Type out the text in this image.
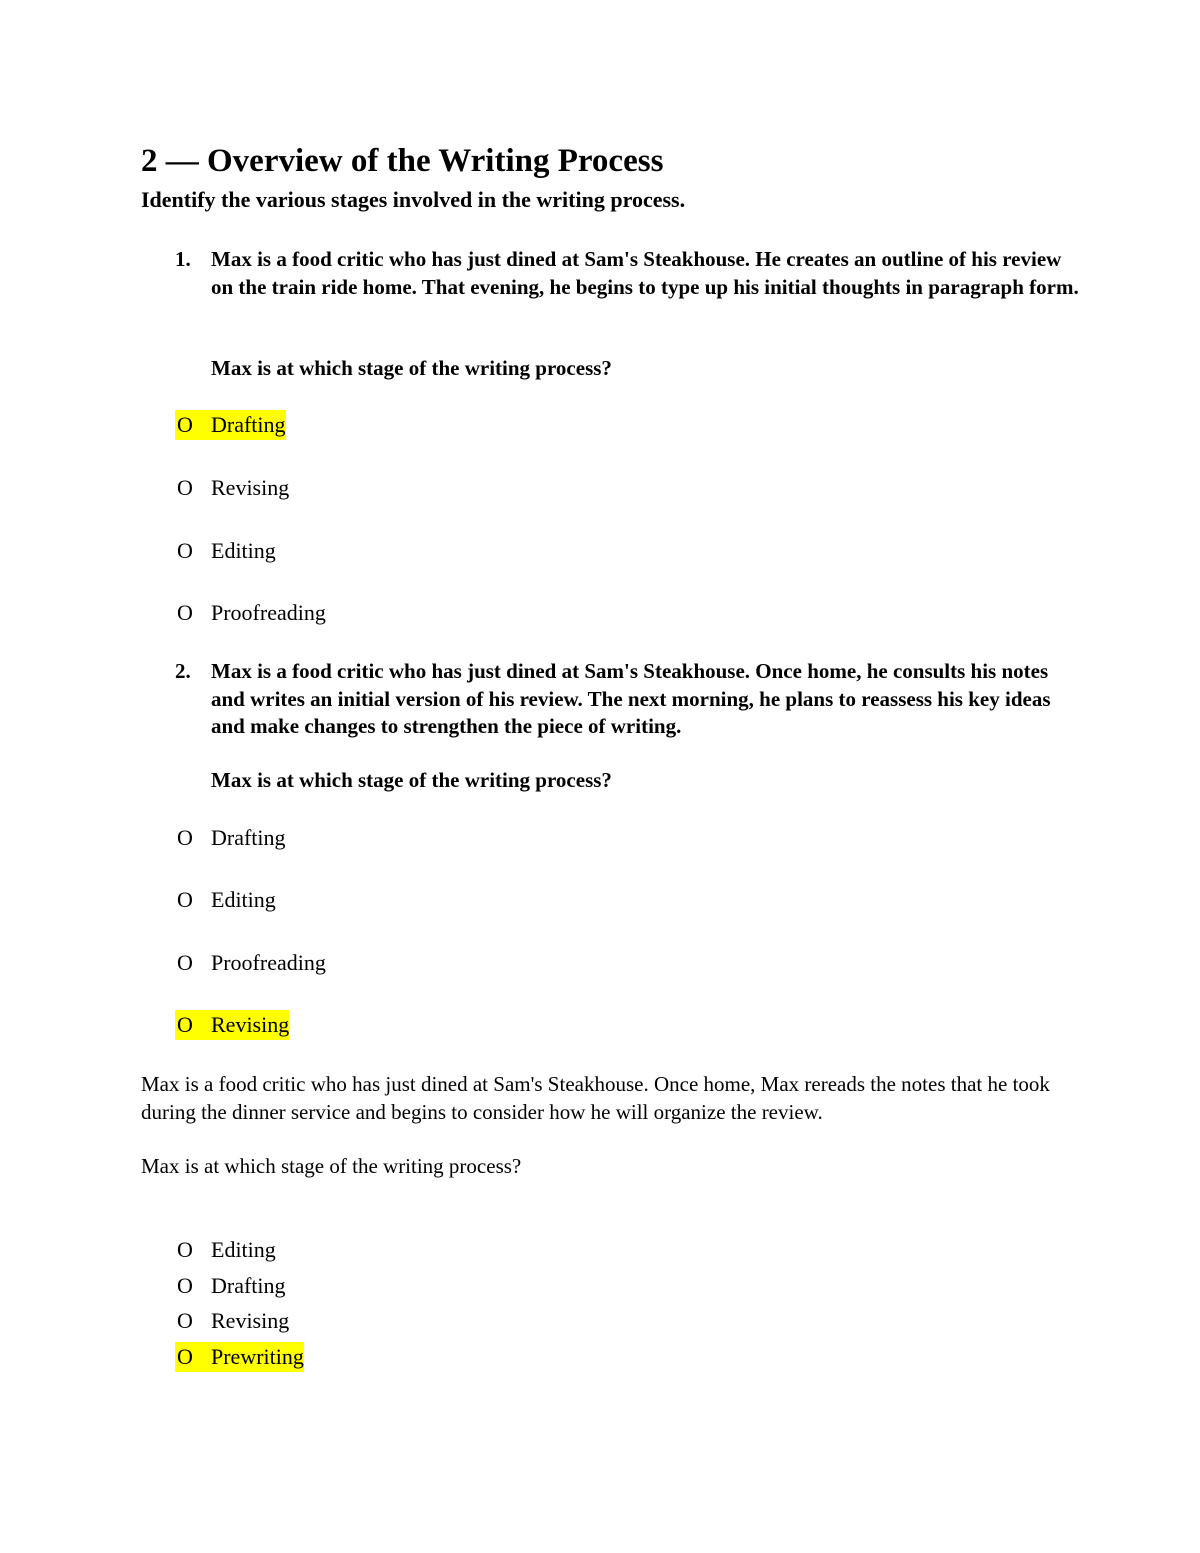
2 — Overview of the Writing Process
Identify the various stages involved in the writing process.
1. Max is a food critic who has just dined at Sam's Steakhouse. He creates an outline of his review on the train ride home. That evening, he begins to type up his initial thoughts in paragraph form.
Max is at which stage of the writing process?
O Drafting
O Revising
O Editing
O Proofreading
2. Max is a food critic who has just dined at Sam's Steakhouse. Once home, he consults his notes and writes an initial version of his review. The next morning, he plans to reassess his key ideas and make changes to strengthen the piece of writing.
Max is at which stage of the writing process?
O Drafting
O Editing
O Proofreading
O Revising
Max is a food critic who has just dined at Sam's Steakhouse. Once home, Max rereads the notes that he took during the dinner service and begins to consider how he will organize the review.
Max is at which stage of the writing process?
O Editing
O Drafting
O Revising
O Prewriting
